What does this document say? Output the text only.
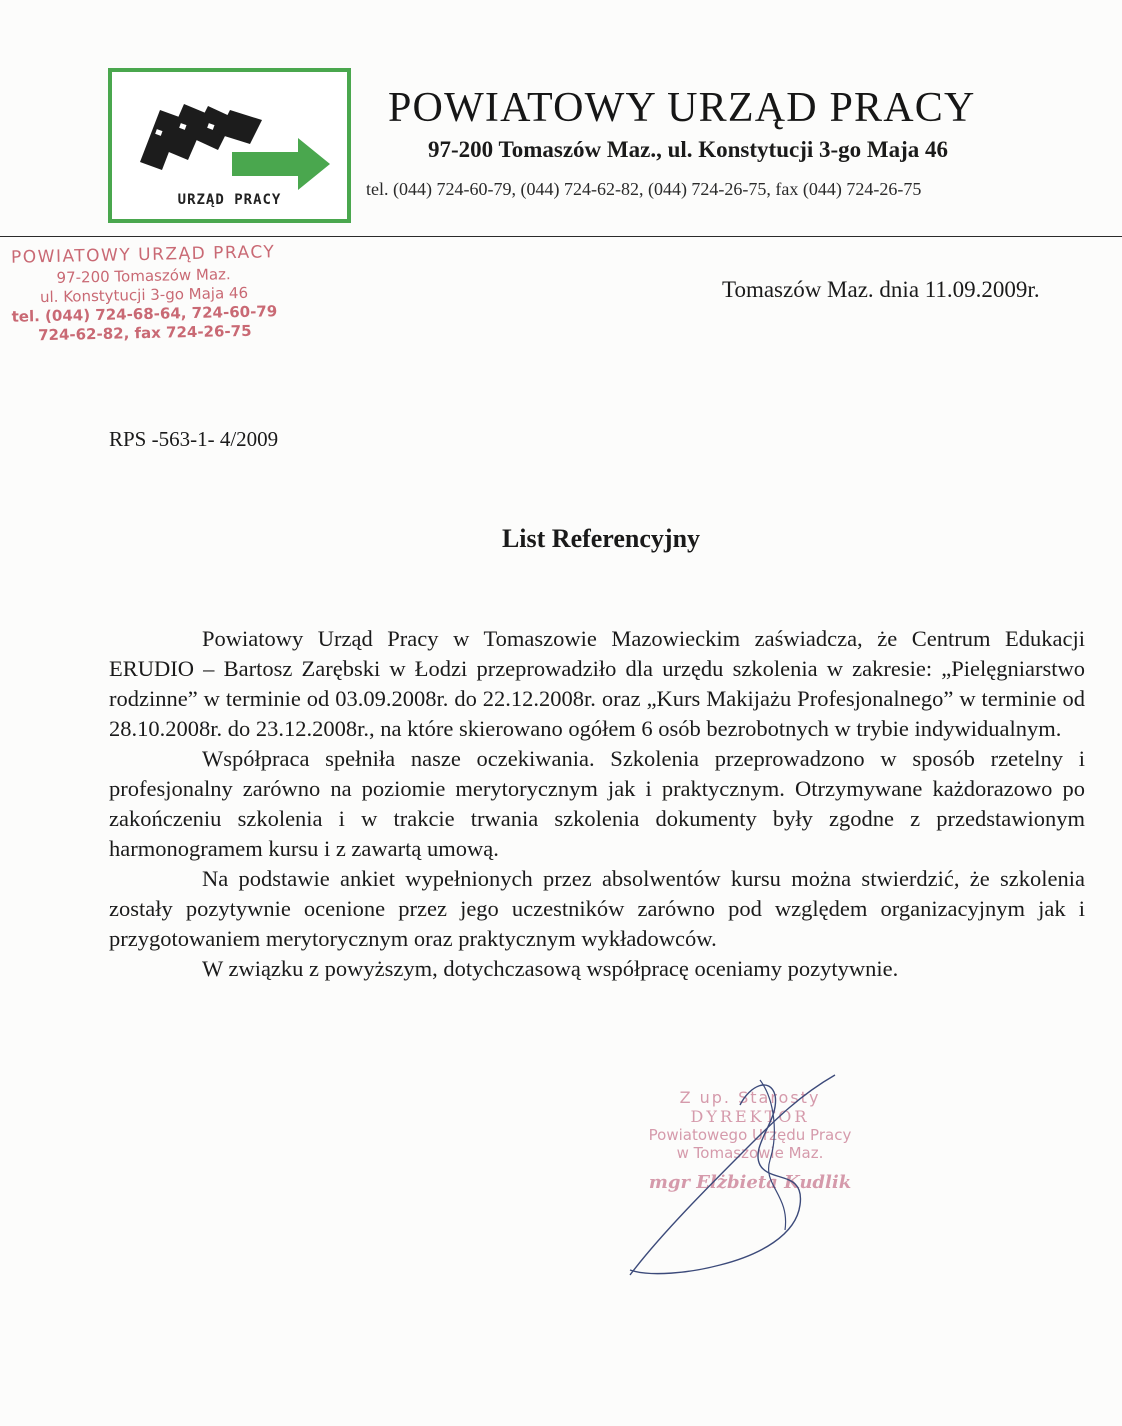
URZĄD PRACY
POWIATOWY URZĄD PRACY
97-200 Tomaszów Maz., ul. Konstytucji 3-go Maja 46
tel. (044) 724-60-79, (044) 724-62-82, (044) 724-26-75, fax (044) 724-26-75
POWIATOWY URZĄD PRACY
97-200 Tomaszów Maz.
ul. Konstytucji 3-go Maja 46
tel. (044) 724-68-64, 724-60-79
724-62-82, fax 724-26-75
Tomaszów Maz. dnia 11.09.2009r.
RPS -563-1- 4/2009
List Referencyjny

Powiatowy Urząd Pracy w Tomaszowie Mazowieckim zaświadcza, że Centrum Edukacji ERUDIO – Bartosz Zarębski w Łodzi przeprowadziło dla urzędu szkolenia w zakresie: „Pielęgniarstwo rodzinne” w terminie od 03.09.2008r. do 22.12.2008r. oraz „Kurs Makijażu Profesjonalnego” w terminie od 28.10.2008r. do 23.12.2008r., na które skierowano ogółem 6 osób bezrobotnych w trybie indywidualnym.

Współpraca spełniła nasze oczekiwania. Szkolenia przeprowadzono w sposób rzetelny i profesjonalny zarówno na poziomie merytorycznym jak i praktycznym. Otrzymywane każdorazowo po zakończeniu szkolenia i w trakcie trwania szkolenia dokumenty były zgodne z przedstawionym harmonogramem kursu i z zawartą umową.

Na podstawie ankiet wypełnionych przez absolwentów kursu można stwierdzić, że szkolenia zostały pozytywnie ocenione przez jego uczestników zarówno pod względem organizacyjnym jak i przygotowaniem merytorycznym oraz praktycznym wykładowców.

W związku z powyższym, dotychczasową współpracę oceniamy pozytywnie.

Z up. Starosty
DYREKTOR
Powiatowego Urzędu Pracy
w Tomaszowie Maz.
mgr Elżbieta Kudlik
